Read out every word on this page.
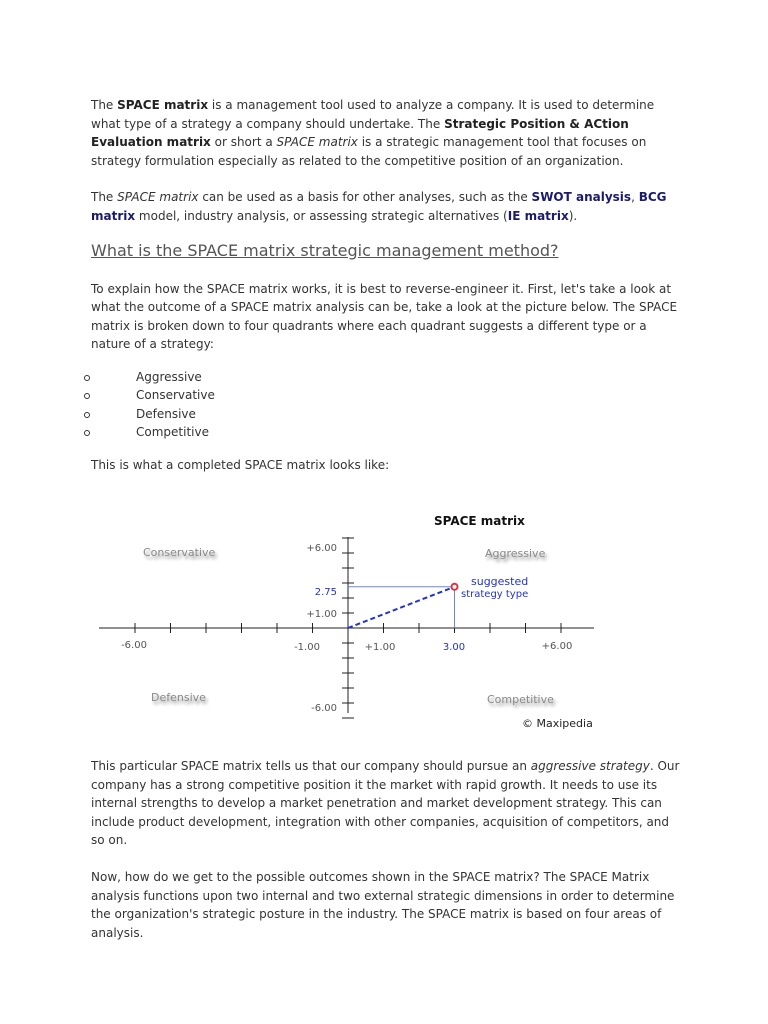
The SPACE matrix is a management tool used to analyze a company. It is used to determine what type of a strategy a company should undertake. The Strategic Position & ACtion Evaluation matrix or short a SPACE matrix is a strategic management tool that focuses on strategy formulation especially as related to the competitive position of an organization.

The SPACE matrix can be used as a basis for other analyses, such as the SWOT analysis, BCG matrix model, industry analysis, or assessing strategic alternatives (IE matrix).

What is the SPACE matrix strategic management method?

To explain how the SPACE matrix works, it is best to reverse-engineer it. First, let's take a look at what the outcome of a SPACE matrix analysis can be, take a look at the picture below. The SPACE matrix is broken down to four quadrants where each quadrant suggests a different type or a nature of a strategy:

Aggressive
Conservative
Defensive
Competitive

This is what a completed SPACE matrix looks like:

SPACE matrix
Conservative	Aggressive
Defensive	Competitive
suggested
strategy type
-6.00	-1.00	+1.00	3.00	+6.00
+6.00
2.75
+1.00
-6.00
© Maxipedia

This particular SPACE matrix tells us that our company should pursue an aggressive strategy. Our company has a strong competitive position it the market with rapid growth. It needs to use its internal strengths to develop a market penetration and market development strategy. This can include product development, integration with other companies, acquisition of competitors, and so on.

Now, how do we get to the possible outcomes shown in the SPACE matrix? The SPACE Matrix analysis functions upon two internal and two external strategic dimensions in order to determine the organization's strategic posture in the industry. The SPACE matrix is based on four areas of analysis.
